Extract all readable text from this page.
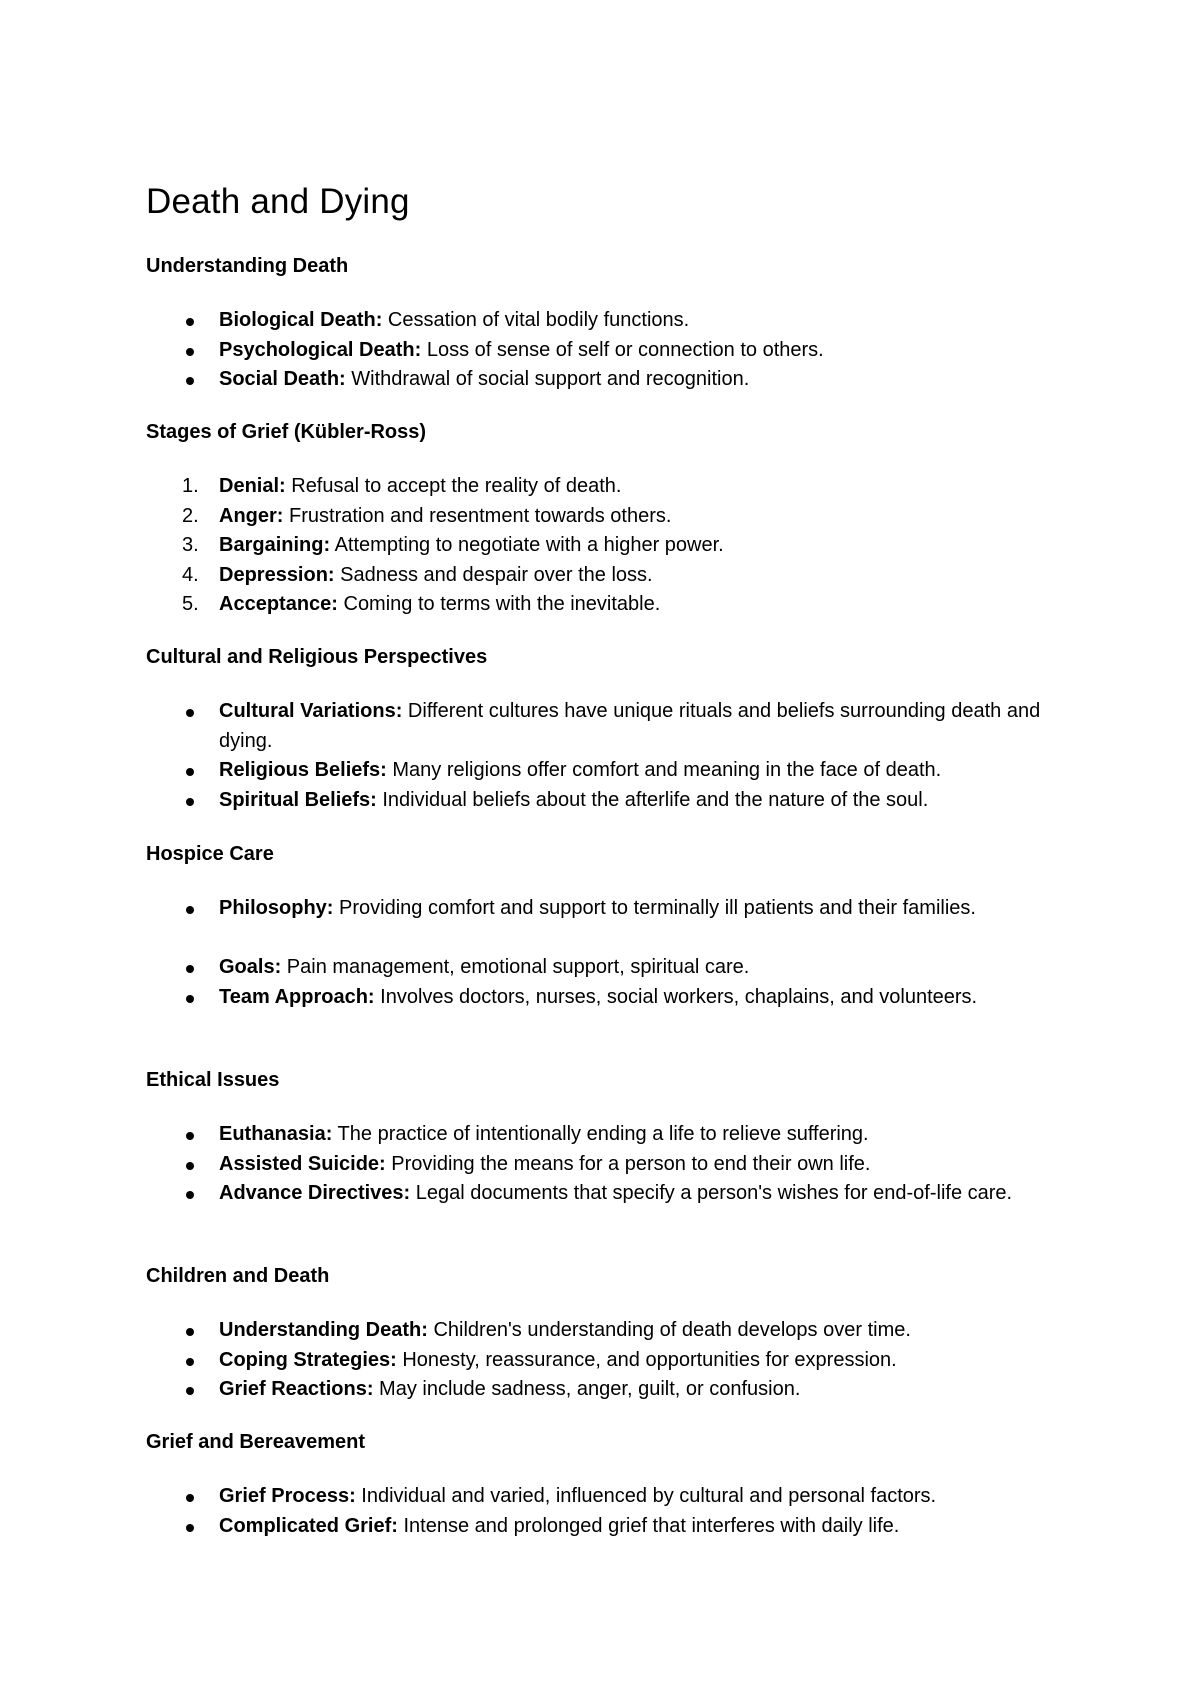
Death and Dying
Understanding Death
Biological Death: Cessation of vital bodily functions.
Psychological Death: Loss of sense of self or connection to others.
Social Death: Withdrawal of social support and recognition.
Stages of Grief (Kübler-Ross)
1. Denial: Refusal to accept the reality of death.
2. Anger: Frustration and resentment towards others.
3. Bargaining: Attempting to negotiate with a higher power.
4. Depression: Sadness and despair over the loss.
5. Acceptance: Coming to terms with the inevitable.
Cultural and Religious Perspectives
Cultural Variations: Different cultures have unique rituals and beliefs surrounding death and dying.
Religious Beliefs: Many religions offer comfort and meaning in the face of death.
Spiritual Beliefs: Individual beliefs about the afterlife and the nature of the soul.
Hospice Care
Philosophy: Providing comfort and support to terminally ill patients and their families.
Goals: Pain management, emotional support, spiritual care.
Team Approach: Involves doctors, nurses, social workers, chaplains, and volunteers.
Ethical Issues
Euthanasia: The practice of intentionally ending a life to relieve suffering.
Assisted Suicide: Providing the means for a person to end their own life.
Advance Directives: Legal documents that specify a person's wishes for end-of-life care.
Children and Death
Understanding Death: Children's understanding of death develops over time.
Coping Strategies: Honesty, reassurance, and opportunities for expression.
Grief Reactions: May include sadness, anger, guilt, or confusion.
Grief and Bereavement
Grief Process: Individual and varied, influenced by cultural and personal factors.
Complicated Grief: Intense and prolonged grief that interferes with daily life.
